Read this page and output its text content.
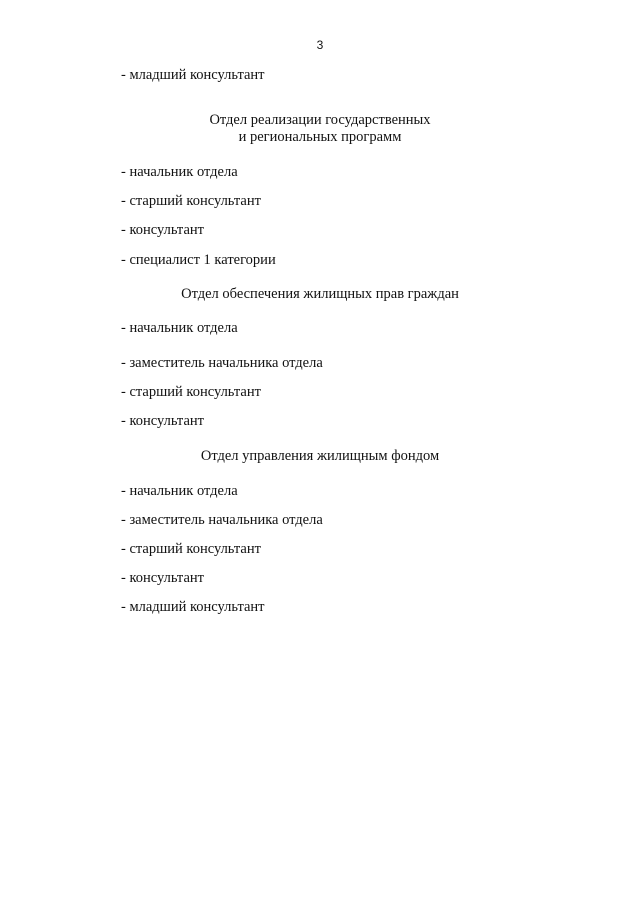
3
- младший консультант
Отдел реализации государственных
и региональных программ
- начальник отдела
- старший консультант
- консультант
- специалист 1 категории
Отдел обеспечения жилищных прав граждан
- начальник отдела
- заместитель начальника отдела
- старший консультант
- консультант
Отдел управления жилищным фондом
- начальник отдела
- заместитель начальника отдела
- старший консультант
- консультант
- младший консультант
